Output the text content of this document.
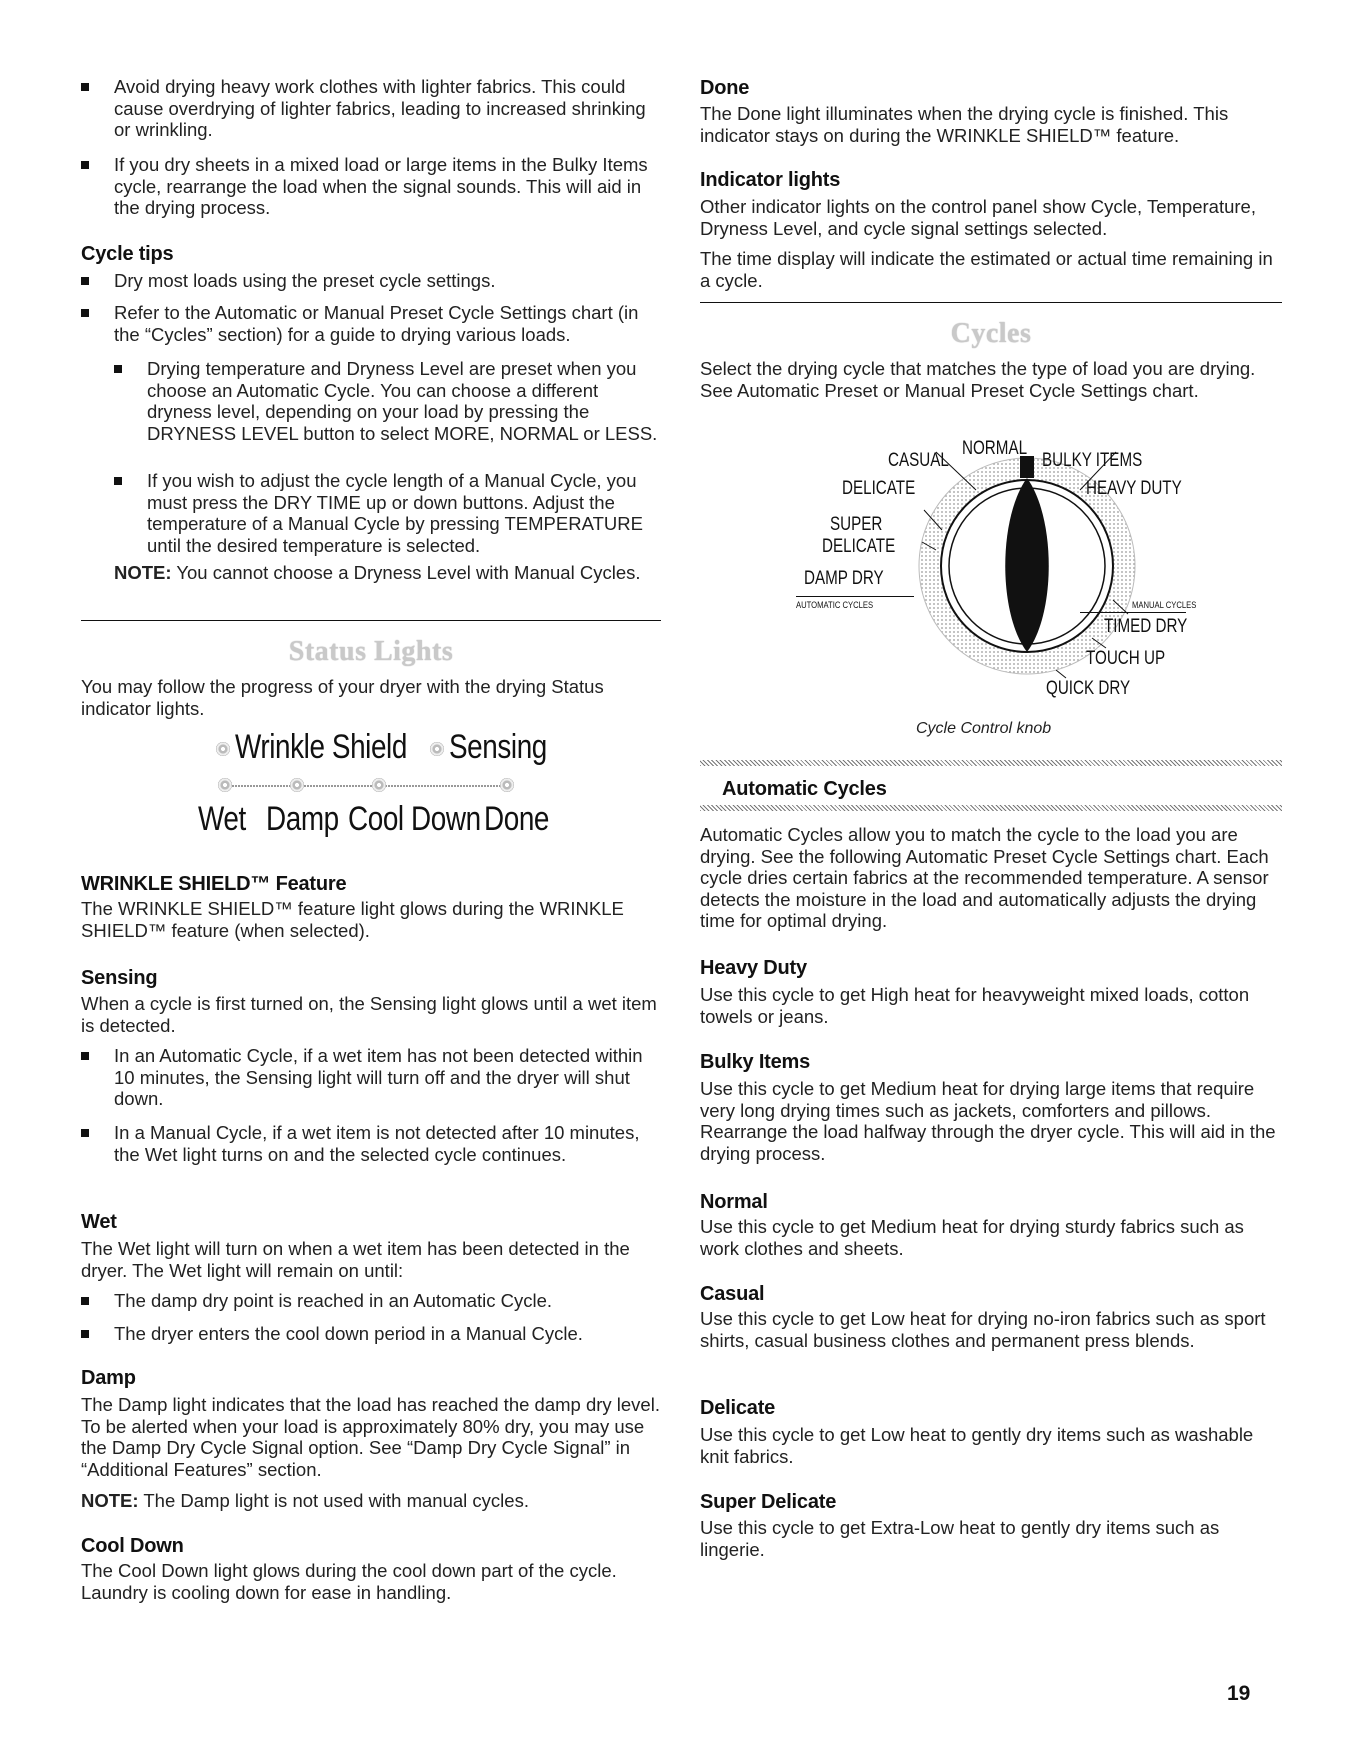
Avoid drying heavy work clothes with lighter fabrics. This could cause overdrying of lighter fabrics, leading to increased shrinking or wrinkling.

If you dry sheets in a mixed load or large items in the Bulky Items cycle, rearrange the load when the signal sounds. This will aid in the drying process.

Cycle tips

Dry most loads using the preset cycle settings.

Refer to the Automatic or Manual Preset Cycle Settings chart (in the “Cycles” section) for a guide to drying various loads.

Drying temperature and Dryness Level are preset when you choose an Automatic Cycle. You can choose a different dryness level, depending on your load by pressing the DRYNESS LEVEL button to select MORE, NORMAL or LESS.

If you wish to adjust the cycle length of a Manual Cycle, you must press the DRY TIME up or down buttons. Adjust the temperature of a Manual Cycle by pressing TEMPERATURE until the desired temperature is selected.

NOTE: You cannot choose a Dryness Level with Manual Cycles.

Status Lights

You may follow the progress of your dryer with the drying Status indicator lights.

Wrinkle Shield Sensing
Wet Damp Cool Down Done
WRINKLE SHIELD™ Feature

The WRINKLE SHIELD™ feature light glows during the WRINKLE SHIELD™ feature (when selected).

Sensing

When a cycle is first turned on, the Sensing light glows until a wet item is detected.

In an Automatic Cycle, if a wet item has not been detected within 10 minutes, the Sensing light will turn off and the dryer will shut down.

In a Manual Cycle, if a wet item is not detected after 10 minutes, the Wet light turns on and the selected cycle continues.

Wet

The Wet light will turn on when a wet item has been detected in the dryer. The Wet light will remain on until:

The damp dry point is reached in an Automatic Cycle.

The dryer enters the cool down period in a Manual Cycle.

Damp

The Damp light indicates that the load has reached the damp dry level. To be alerted when your load is approximately 80% dry, you may use the Damp Dry Cycle Signal option. See “Damp Dry Cycle Signal” in “Additional Features” section.

NOTE: The Damp light is not used with manual cycles.

Cool Down

The Cool Down light glows during the cool down part of the cycle. Laundry is cooling down for ease in handling.

Done

The Done light illuminates when the drying cycle is finished. This indicator stays on during the WRINKLE SHIELD™ feature.

Indicator lights

Other indicator lights on the control panel show Cycle, Temperature, Dryness Level, and cycle signal settings selected.

The time display will indicate the estimated or actual time remaining in a cycle.

Cycles

Select the drying cycle that matches the type of load you are drying. See Automatic Preset or Manual Preset Cycle Settings chart.

CASUAL
NORMAL
BULKY ITEMS
DELICATE	HEAVY DUTY
SUPER
DELICATE
DAMP DRY
AUTOMATIC CYCLES	MANUAL CYCLES
TIMED DRY
TOUCH UP
QUICK DRY
Cycle Control knob
Automatic Cycles

Automatic Cycles allow you to match the cycle to the load you are drying. See the following Automatic Preset Cycle Settings chart. Each cycle dries certain fabrics at the recommended temperature. A sensor detects the moisture in the load and automatically adjusts the drying time for optimal drying.

Heavy Duty

Use this cycle to get High heat for heavyweight mixed loads, cotton towels or jeans.

Bulky Items

Use this cycle to get Medium heat for drying large items that require very long drying times such as jackets, comforters and pillows. Rearrange the load halfway through the dryer cycle. This will aid in the drying process.

Normal

Use this cycle to get Medium heat for drying sturdy fabrics such as work clothes and sheets.

Casual

Use this cycle to get Low heat for drying no-iron fabrics such as sport shirts, casual business clothes and permanent press blends.

Delicate

Use this cycle to get Low heat to gently dry items such as washable knit fabrics.

Super Delicate

Use this cycle to get Extra-Low heat to gently dry items such as lingerie.

19
